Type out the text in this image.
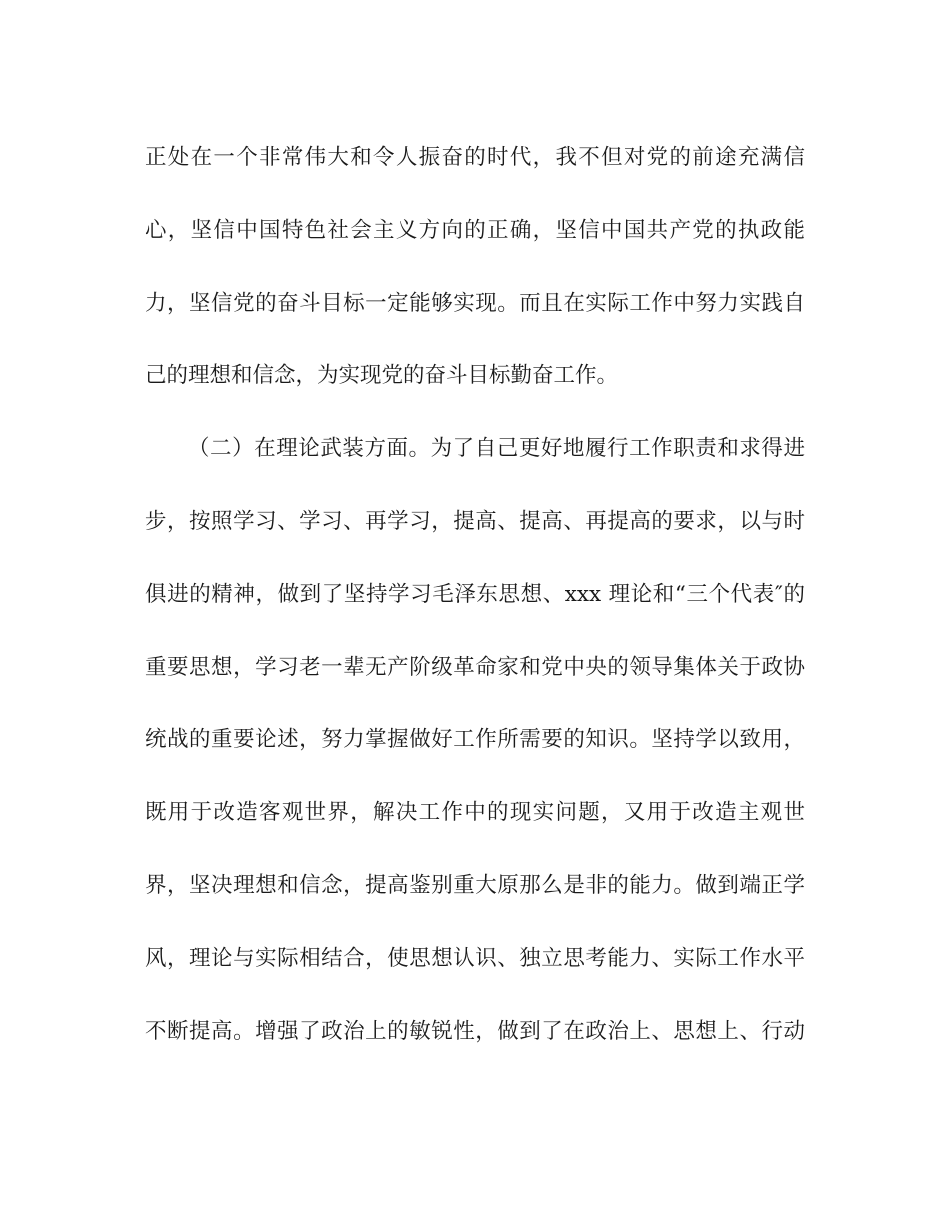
正处在一个非常伟大和令人振奋的时代，我不但对党的前途充满信
心，坚信中国特色社会主义方向的正确，坚信中国共产党的执政能
力，坚信党的奋斗目标一定能够实现。而且在实际工作中努力实践自
己的理想和信念，为实现党的奋斗目标勤奋工作。
（二）在理论武装方面。为了自己更好地履行工作职责和求得进
步，按照学习、学习、再学习，提高、提高、再提高的要求，以与时
俱进的精神，做到了坚持学习毛泽东思想、xxx 理论和“三个代表″的
重要思想，学习老一辈无产阶级革命家和党中央的领导集体关于政协
统战的重要论述，努力掌握做好工作所需要的知识。坚持学以致用，
既用于改造客观世界，解决工作中的现实问题，又用于改造主观世
界，坚决理想和信念，提高鉴别重大原那么是非的能力。做到端正学
风，理论与实际相结合，使思想认识、独立思考能力、实际工作水平
不断提高。增强了政治上的敏锐性，做到了在政治上、思想上、行动
